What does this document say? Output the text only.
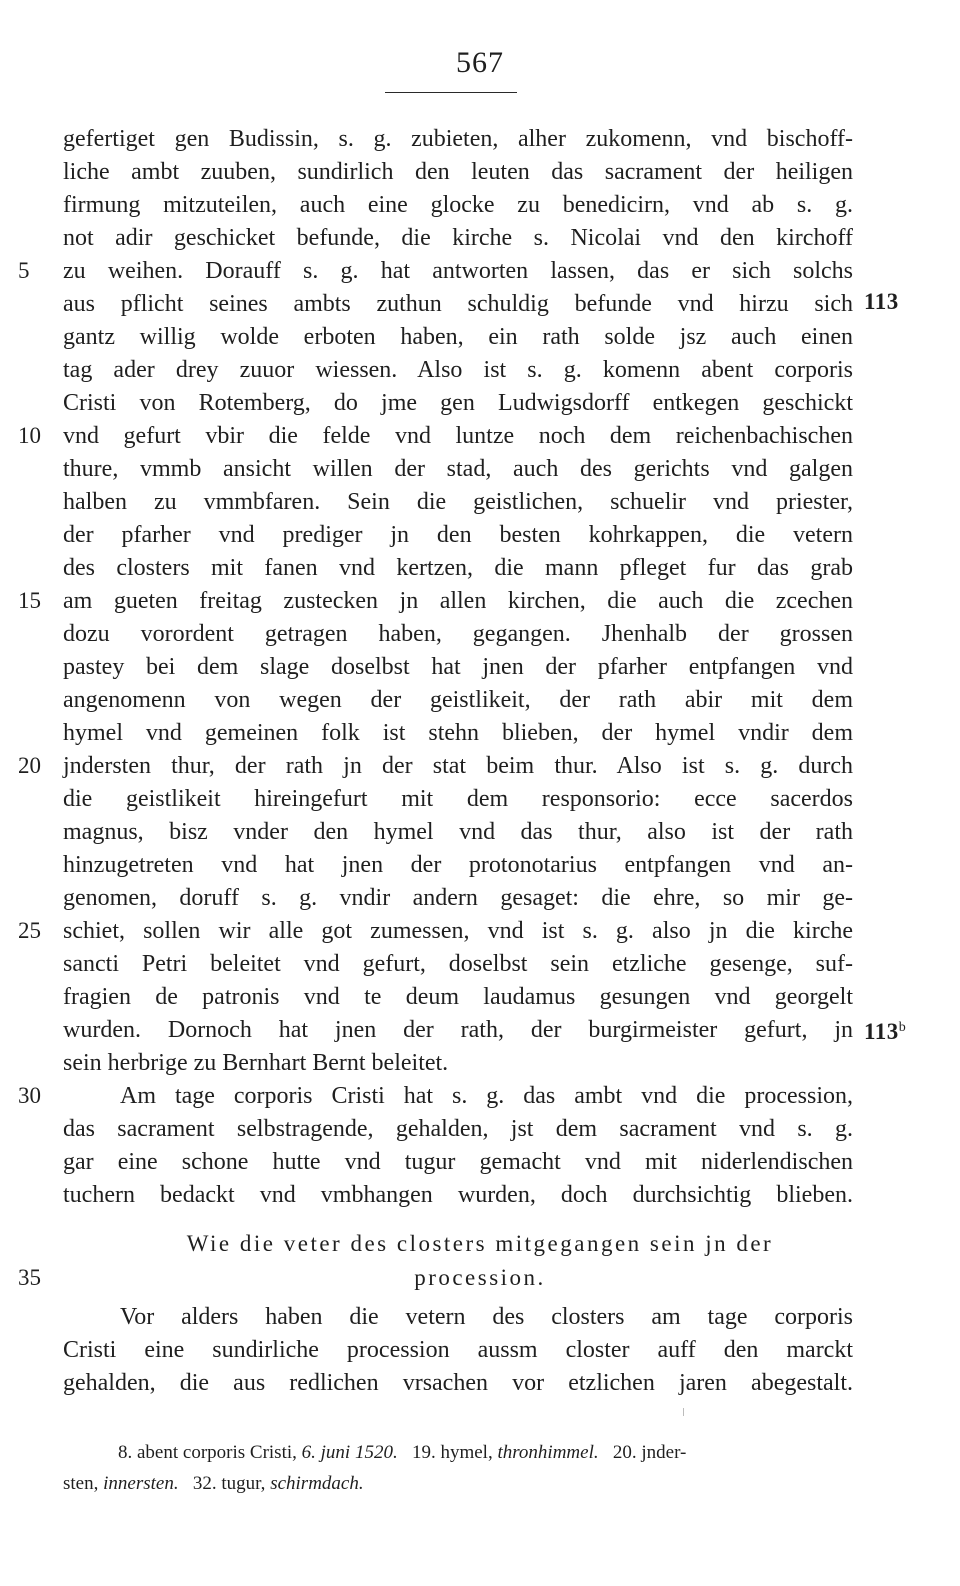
567
gefertiget gen Budissin, s. g. zubieten, alher zukomenn, vnd bischoff-
liche ambt zuuben, sundirlich den leuten das sacrament der heiligen
firmung mitzuteilen, auch eine glocke zu benedicirn, vnd ab s. g.
not adir geschicket befunde, die kirche s. Nicolai vnd den kirchoff
zu weihen. Dorauff s. g. hat antworten lassen, das er sich solchs
aus pflicht seines ambts zuthun schuldig befunde vnd hirzu sich
gantz willig wolde erboten haben, ein rath solde jsz auch einen
tag ader drey zuuor wiessen. Also ist s. g. komenn abent corporis
Cristi von Rotemberg, do jme gen Ludwigsdorff entkegen geschickt
vnd gefurt vbir die felde vnd luntze noch dem reichenbachischen
thure, vmmb ansicht willen der stad, auch des gerichts vnd galgen
halben zu vmmbfaren. Sein die geistlichen, schuelir vnd priester,
der pfarher vnd prediger jn den besten kohrkappen, die vetern
des closters mit fanen vnd kertzen, die mann pfleget fur das grab
am gueten freitag zustecken jn allen kirchen, die auch die zcechen
dozu vorordent getragen haben, gegangen. Jhenhalb der grossen
pastey bei dem slage doselbst hat jnen der pfarher entpfangen vnd
angenomenn von wegen der geistlikeit, der rath abir mit dem
hymel vnd gemeinen folk ist stehn blieben, der hymel vndir dem
jndersten thur, der rath jn der stat beim thur. Also ist s. g. durch
die geistlikeit hireingefurt mit dem responsorio: ecce sacerdos
magnus, bisz vnder den hymel vnd das thur, also ist der rath
hinzugetreten vnd hat jnen der protonotarius entpfangen vnd an-
genomen, doruff s. g. vndir andern gesaget: die ehre, so mir ge-
schiet, sollen wir alle got zumessen, vnd ist s. g. also jn die kirche
sancti Petri beleitet vnd gefurt, doselbst sein etzliche gesenge, suf-
fragien de patronis vnd te deum laudamus gesungen vnd georgelt
wurden. Dornoch hat jnen der rath, der burgirmeister gefurt, jn
sein herbrige zu Bernhart Bernt beleitet.
Am tage corporis Cristi hat s. g. das ambt vnd die procession,
das sacrament selbstragende, gehalden, jst dem sacrament vnd s. g.
gar eine schone hutte vnd tugur gemacht vnd mit niderlendischen
tuchern bedackt vnd vmbhangen wurden, doch durchsichtig blieben.
5
10
15
20
25
30
35
113
113$^b$
Wie die veter des closters mitgegangen sein jn der
procession.
Vor alders haben die vetern des closters am tage corporis
Cristi eine sundirliche procession aussm closter auff den marckt
gehalden, die aus redlichen vrsachen vor etzlichen jaren abegestalt.
8. abent corporis Cristi, 6. juni 1520. 19. hymel, thronhimmel. 20. jnder-
sten, innersten. 32. tugur, schirmdach.
